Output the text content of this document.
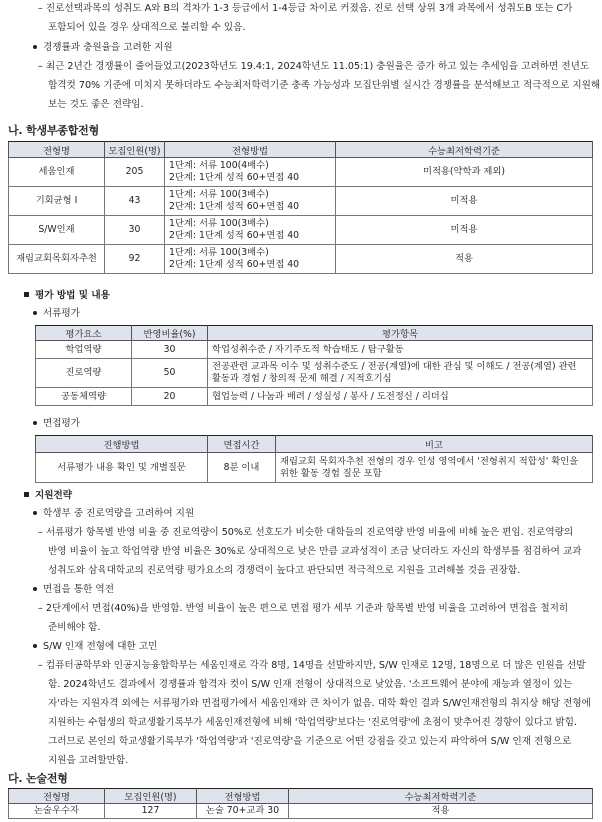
– 진로선택과목의 성취도 A와 B의 격차가 1-3 등급에서 1-4등급 차이로 커졌음. 진로 선택 상위 3개 과목에서 성취도B 또는 C가
포함되어 있을 경우 상대적으로 불리할 수 있음.
경쟁률과 충원율을 고려한 지원
– 최근 2년간 경쟁률이 줄어들었고(2023학년도 19.4:1, 2024학년도 11.05:1) 충원율은 증가 하고 있는 추세임을 고려하면 전년도
합격컷 70% 기준에 미치지 못하더라도 수능최저학력기준 충족 가능성과 모집단위별 실시간 경쟁률을 분석해보고 적극적으로 지원해
보는 것도 좋은 전략임.
나. 학생부종합전형
전형명	모집인원(명)	전형방법	수능최저학력기준
세움인재	205	1단계: 서류 100(4배수)
2단계: 1단계 성적 60+면접 40	미적용(약학과 제외)
기회균형 I	43	1단계: 서류 100(3배수)
2단계: 1단계 성적 60+면접 40	미적용
S/W인재	30	1단계: 서류 100(3배수)
2단계: 1단계 성적 60+면접 40	미적용
재림교회목회자추천	92	1단계: 서류 100(3배수)
2단계: 1단계 성적 60+면접 40	적용
평가 방법 및 내용
서류평가
평가요소	반영비율(%)	평가항목
학업역량	30	학업성취수준 / 자기주도적 학습태도 / 탐구활동
진로역량	50	전공관련 교과목 이수 및 성취수준도 / 전공(계열)에 대한 관심 및 이해도 / 전공(계열) 관련
활동과 경험 / 창의적 문제 해결 / 지적호기심

공동체역량	20	협업능력 / 나눔과 배려 / 성실성 / 봉사 / 도전정신 / 리더십
면접평가
진행방법	면접시간	비고
서류평가 내용 확인 및 개별질문	8분 이내	재림교회 목회자추천 전형의 경우 인성 영역에서 '전형취지 적합성' 확인을
위한 활동 경험 질문 포함
지원전략
학생부 중 진로역량을 고려하여 지원
– 서류평가 항목별 반영 비율 중 진로역량이 50%로 선호도가 비슷한 대학들의 진로역량 반영 비율에 비해 높은 편임. 진로역량의
반영 비율이 높고 학업역량 반영 비율은 30%로 상대적으로 낮은 만큼 교과성적이 조금 낮더라도 자신의 학생부를 점검하여 교과
성취도와 삼육대학교의 진로역량 평가요소의 경쟁력이 높다고 판단되면 적극적으로 지원을 고려해볼 것을 권장함.
면접을 통한 역전
– 2단계에서 면접(40%)을 반영함. 반영 비율이 높은 편으로 면접 평가 세부 기준과 항목별 반영 비율을 고려하여 면접을 철저히
준비해야 함.
S/W 인재 전형에 대한 고민
– 컴퓨터공학부와 인공지능융합학부는 세움인재로 각각 8명, 14명을 선발하지만, S/W 인재로 12명, 18명으로 더 많은 인원을 선발
함. 2024학년도 결과에서 경쟁률과 합격자 컷이 S/W 인재 전형이 상대적으로 낮았음. '소프트웨어 분야에 재능과 열정이 있는
자'라는 지원자격 외에는 서류평가와 면접평가에서 세움인재와 큰 차이가 없음. 대학 확인 결과 S/W인재전형의 취지상 해당 전형에
지원하는 수험생의 학교생활기록부가 세움인재전형에 비해 '학업역량'보다는 '진로역량'에 초점이 맞추어진 경향이 있다고 밝힘.
그러므로 본인의 학교생활기록부가 '학업역량'과 '진로역량'을 기준으로 어떤 강점을 갖고 있는지 파악하여 S/W 인재 전형으로
지원을 고려할만함.
다. 논술전형
전형명	모집인원(명)	전형방법	수능최저학력기준
논술우수자	127	논술 70+교과 30	적용
